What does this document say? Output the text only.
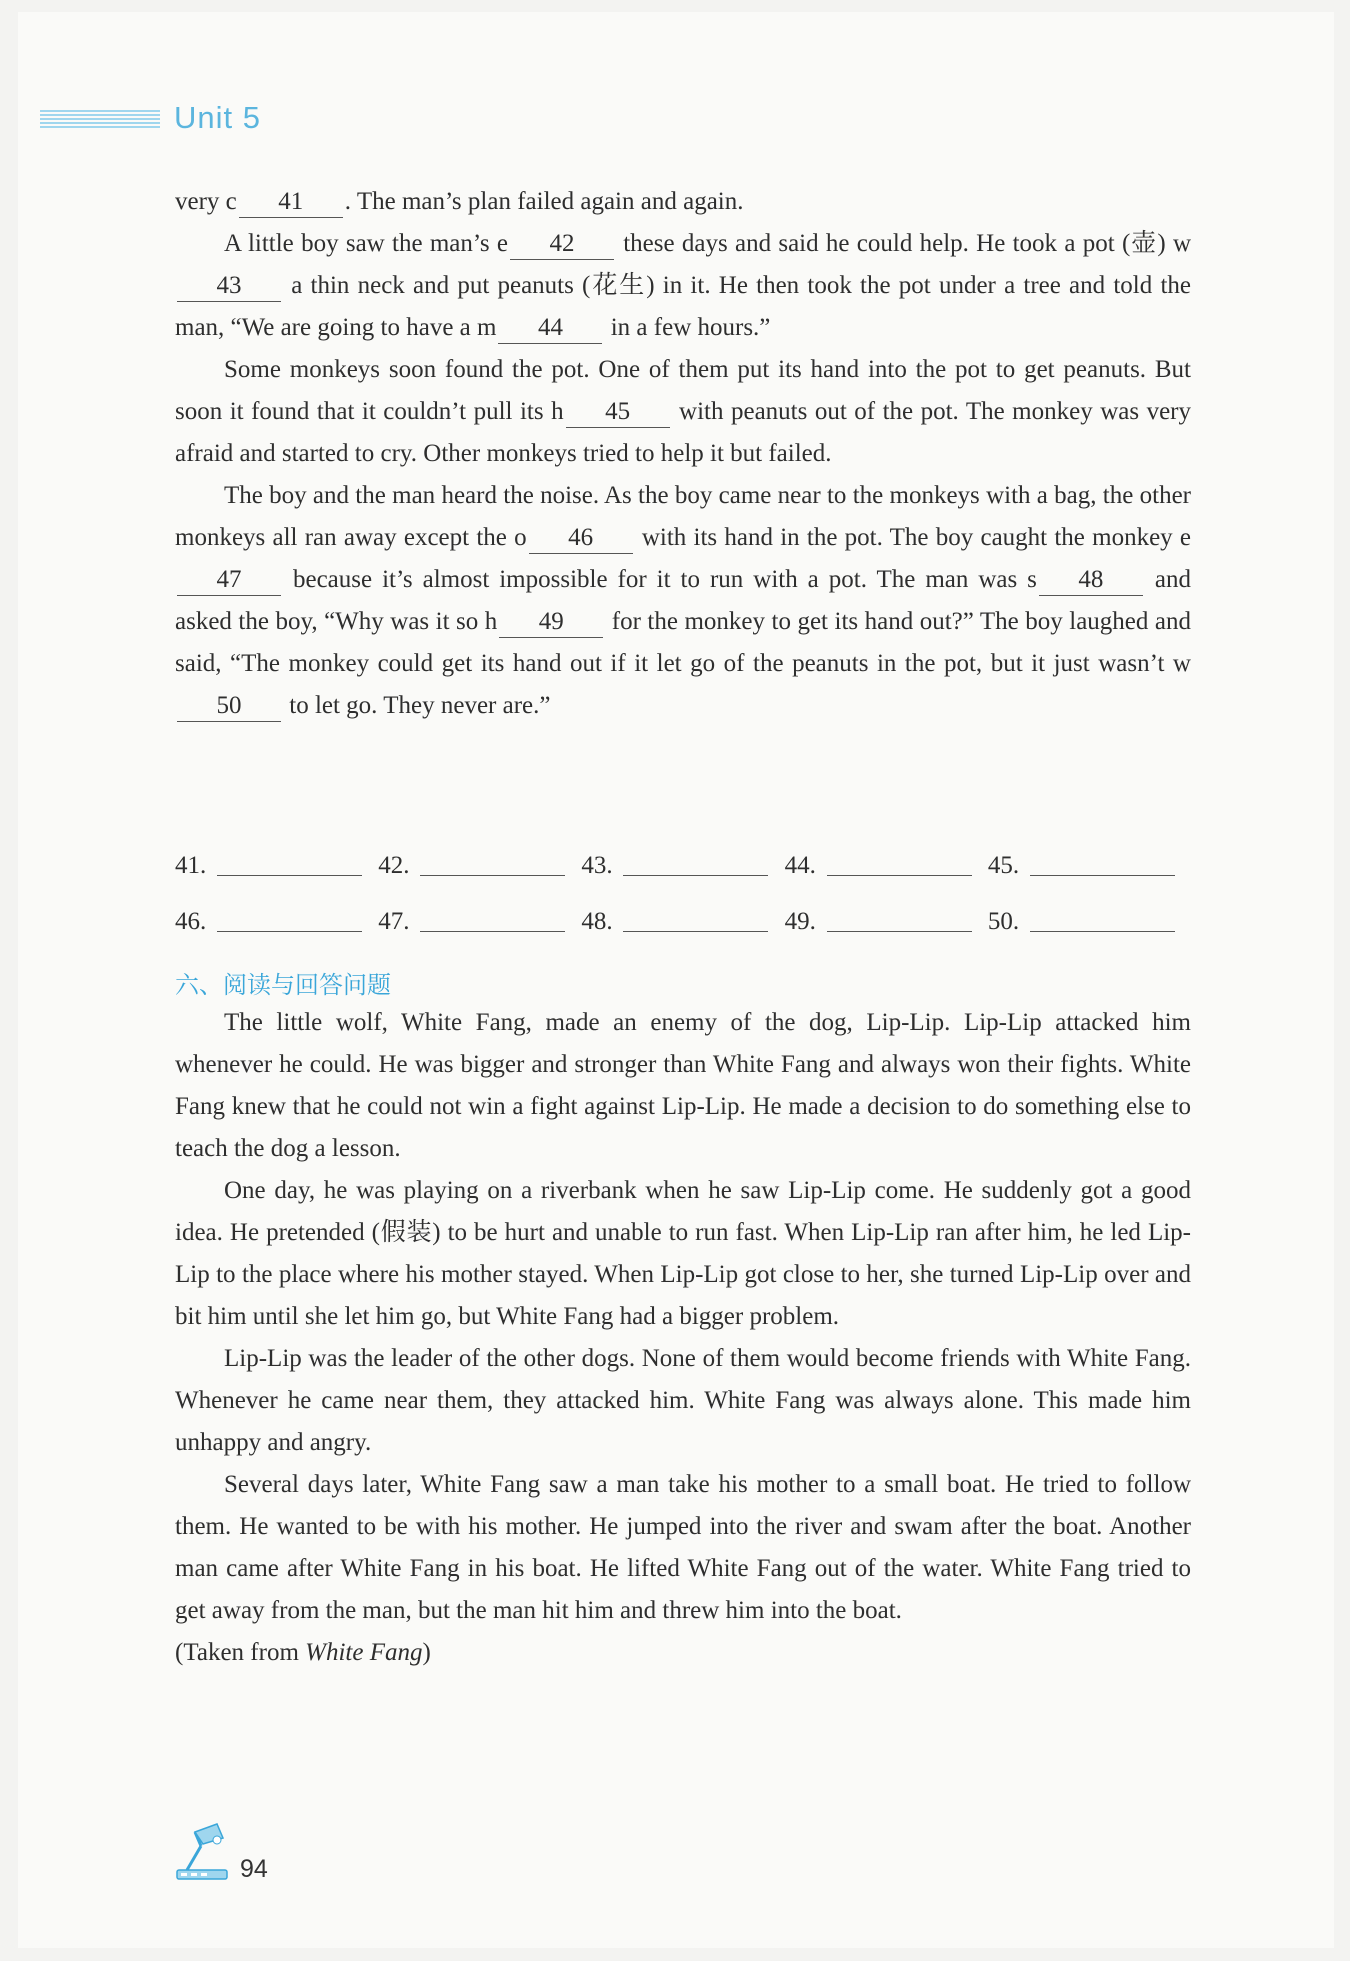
Unit 5

very c 41 . The man’s plan failed again and again.

A little boy saw the man’s e 42 these days and said he could help. He took a pot (壶) w43 a thin neck and put peanuts (花生) in it. He then took the pot under a tree and told the man, “We are going to have a m 44 in a few hours.”

Some monkeys soon found the pot. One of them put its hand into the pot to get peanuts. But soon it found that it couldn’t pull its h 45 with peanuts out of the pot. The monkey was very afraid and started to cry. Other monkeys tried to help it but failed.

The boy and the man heard the noise. As the boy came near to the monkeys with a bag, the other monkeys all ran away except the o 46 with its hand in the pot. The boy caught the monkey e47 because it’s almost impossible for it to run with a pot. The man was s 48 and asked the boy, “Why was it so h 49 for the monkey to get its hand out?” The boy laughed and said, “The monkey could get its hand out if it let go of the peanuts in the pot, but it just wasn’t w50 to let go. They never are.”

41.	42.	43.	44.	45.
46.	47.	48.	49.	50.
六、阅读与回答问题

The little wolf, White Fang, made an enemy of the dog, Lip-Lip. Lip-Lip attacked him whenever he could. He was bigger and stronger than White Fang and always won their fights. White Fang knew that he could not win a fight against Lip-Lip. He made a decision to do something else to teach the dog a lesson.

One day, he was playing on a riverbank when he saw Lip-Lip come. He suddenly got a good idea. He pretended (假装) to be hurt and unable to run fast. When Lip-Lip ran after him, he led Lip-Lip to the place where his mother stayed. When Lip-Lip got close to her, she turned Lip-Lip over and bit him until she let him go, but White Fang had a bigger problem.

Lip-Lip was the leader of the other dogs. None of them would become friends with White Fang. Whenever he came near them, they attacked him. White Fang was always alone. This made him unhappy and angry.

Several days later, White Fang saw a man take his mother to a small boat. He tried to follow them. He wanted to be with his mother. He jumped into the river and swam after the boat. Another man came after White Fang in his boat. He lifted White Fang out of the water. White Fang tried to get away from the man, but the man hit him and threw him into the boat.

(Taken from White Fang)

94
